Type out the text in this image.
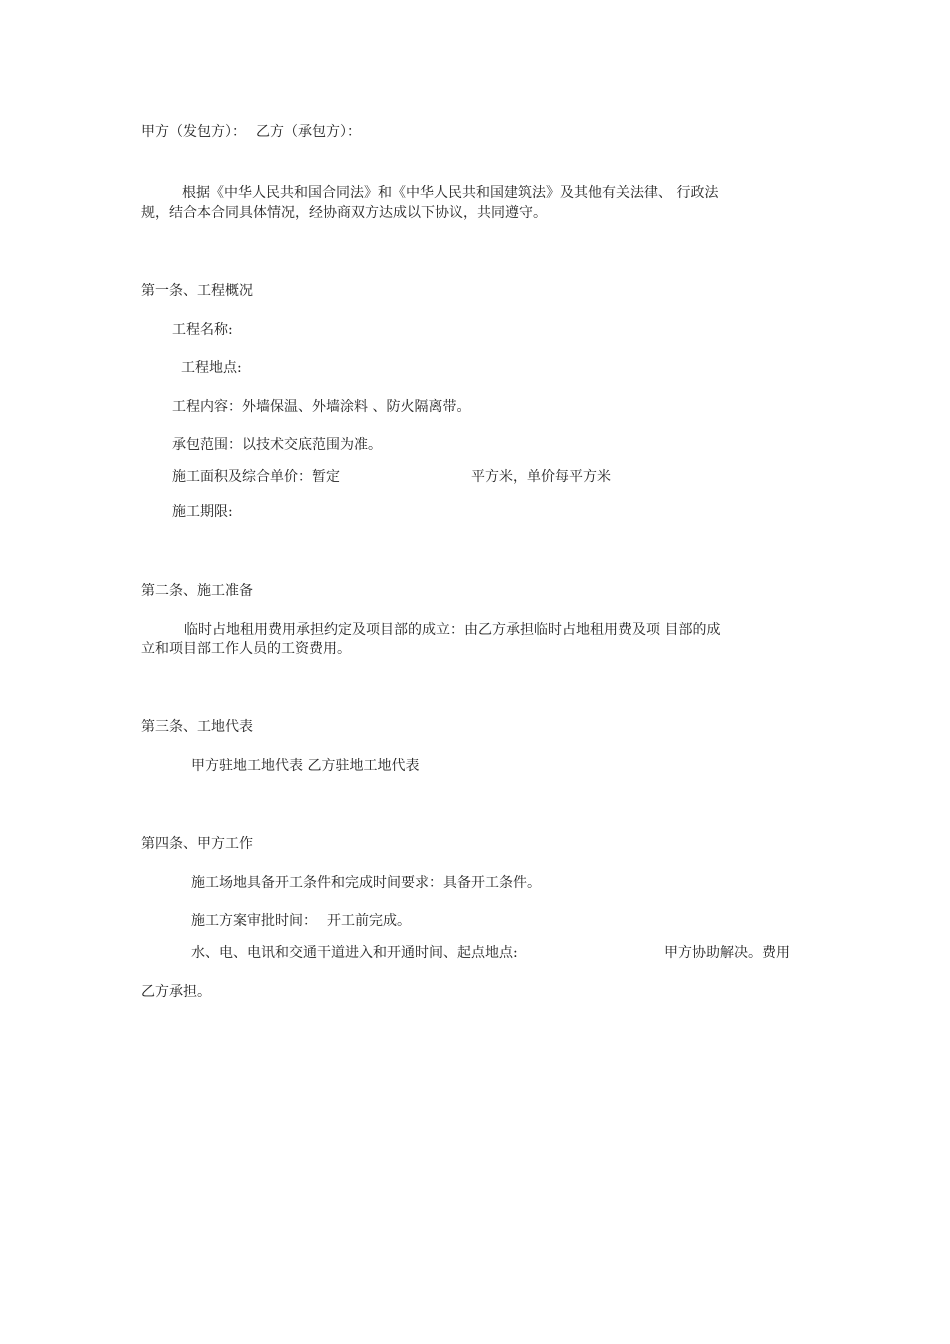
甲方（发包方）： 乙方（承包方）：
根据《中华人民共和国合同法》和《中华人民共和国建筑法》及其他有关法律、 行政法
规，结合本合同具体情况，经协商双方达成以下协议，共同遵守。
第一条、工程概况
工程名称:
工程地点:
工程内容：外墙保温、外墙涂料 、防火隔离带。
承包范围：以技术交底范围为准。
施工面积及综合单价：暂定	平方米，单价每平方米
施工期限:
第二条、施工准备
临时占地租用费用承担约定及项目部的成立：由乙方承担临时占地租用费及项 目部的成
立和项目部工作人员的工资费用。
第三条、工地代表
甲方驻地工地代表 乙方驻地工地代表
第四条、甲方工作
施工场地具备开工条件和完成时间要求：具备开工条件。
施工方案审批时间： 开工前完成。
水、电、电讯和交通干道进入和开通时间、起点地点:	甲方协助解决。费用
乙方承担。
